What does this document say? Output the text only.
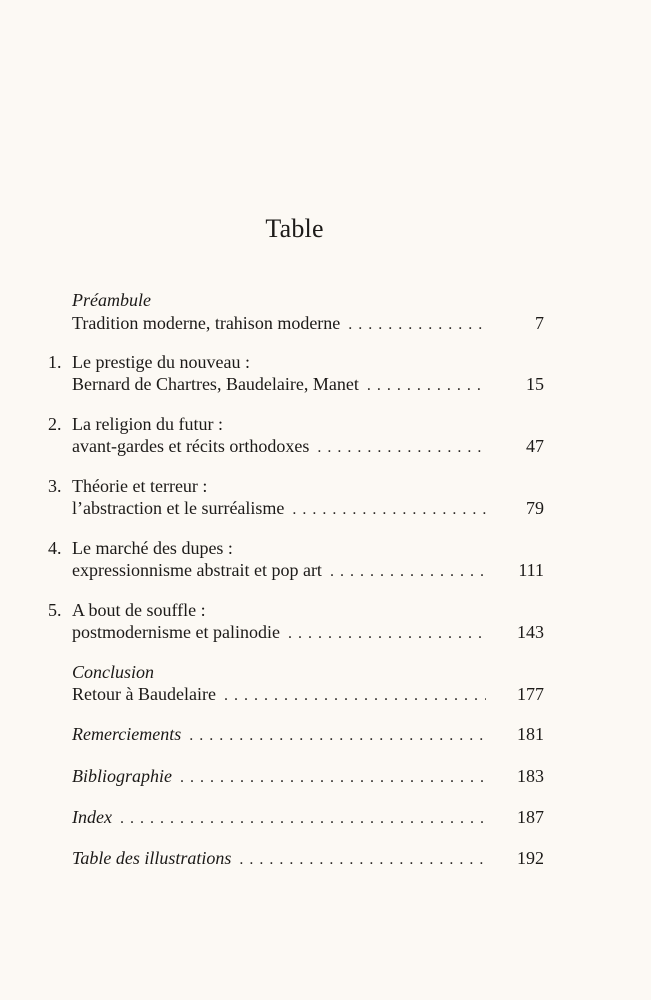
Table
Préambule
Tradition moderne, trahison moderne . . .	7
1. Le prestige du nouveau :
Bernard de Chartres, Baudelaire, Manet . . .	15
2. La religion du futur :
avant-gardes et récits orthodoxes . . .	47
3. Théorie et terreur :
l’abstraction et le surréalisme . . .	79
4. Le marché des dupes :
expressionnisme abstrait et pop art . . .	111
5. A bout de souffle :
postmodernisme et palinodie . . .	143
Conclusion
Retour à Baudelaire . . .	177
Remerciements . . .	181
Bibliographie . . .	183
Index . . .	187
Table des illustrations . . .	192
